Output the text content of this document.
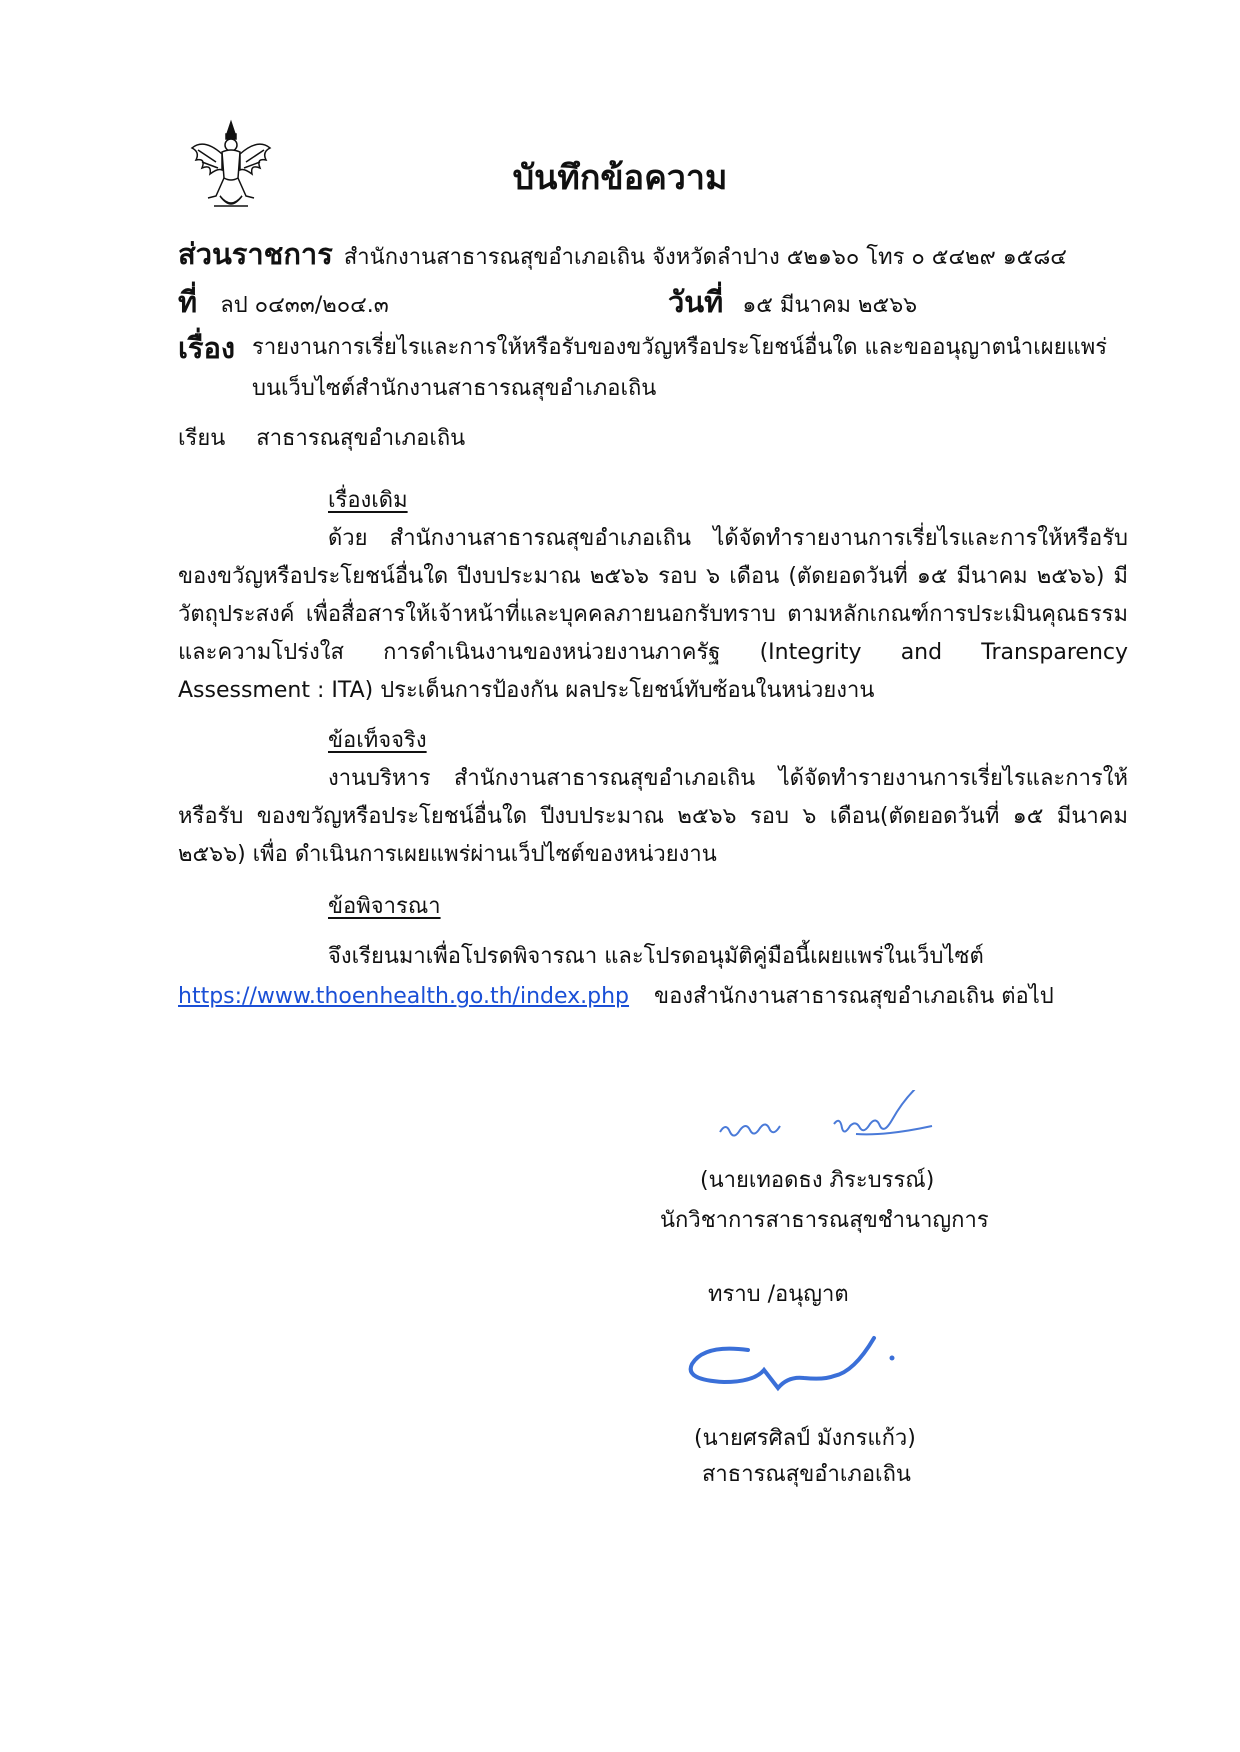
บันทึกข้อความ
ส่วนราชการ สำนักงานสาธารณสุขอำเภอเถิน จังหวัดลำปาง ๕๒๑๖๐ โทร ๐ ๕๔๒๙ ๑๕๘๔
ที่ ลป ๐๔๓๓/๒๐๔.๓	วันที่ ๑๕ มีนาคม ๒๕๖๖
เรื่อง รายงานการเรี่ยไรและการให้หรือรับของขวัญหรือประโยชน์อื่นใด และขออนุญาตนำเผยแพร่
บนเว็บไซต์สำนักงานสาธารณสุขอำเภอเถิน
เรียน สาธารณสุขอำเภอเถิน
เรื่องเดิม

ด้วย สำนักงานสาธารณสุขอำเภอเถิน ได้จัดทำรายงานการเรี่ยไรและการให้หรือรับของขวัญหรือประโยชน์อื่นใด ปีงบประมาณ ๒๕๖๖ รอบ ๖ เดือน (ตัดยอดวันที่ ๑๕ มีนาคม ๒๕๖๖) มีวัตถุประสงค์ เพื่อสื่อสารให้เจ้าหน้าที่และบุคคลภายนอกรับทราบ ตามหลักเกณฑ์การประเมินคุณธรรม และความโปร่งใส การดำเนินงานของหน่วยงานภาครัฐ (Integrity and Transparency Assessment : ITA) ประเด็นการป้องกัน ผลประโยชน์ทับซ้อนในหน่วยงาน

ข้อเท็จจริง

งานบริหาร สำนักงานสาธารณสุขอำเภอเถิน ได้จัดทำรายงานการเรี่ยไรและการให้หรือรับ ของขวัญหรือประโยชน์อื่นใด ปีงบประมาณ ๒๕๖๖ รอบ ๖ เดือน(ตัดยอดวันที่ ๑๕ มีนาคม ๒๕๖๖) เพื่อ ดำเนินการเผยแพร่ผ่านเว็ปไซต์ของหน่วยงาน

ข้อพิจารณา
จึงเรียนมาเพื่อโปรดพิจารณา และโปรดอนุมัติคู่มือนี้เผยแพร่ในเว็บไซต์
https://www.thoenhealth.go.th/index.php ของสำนักงานสาธารณสุขอำเภอเถิน ต่อไป
(นายเทอดธง ภิระบรรณ์)
นักวิชาการสาธารณสุขชำนาญการ
ทราบ /อนุญาต
(นายศรศิลป์ มังกรแก้ว)
สาธารณสุขอำเภอเถิน
